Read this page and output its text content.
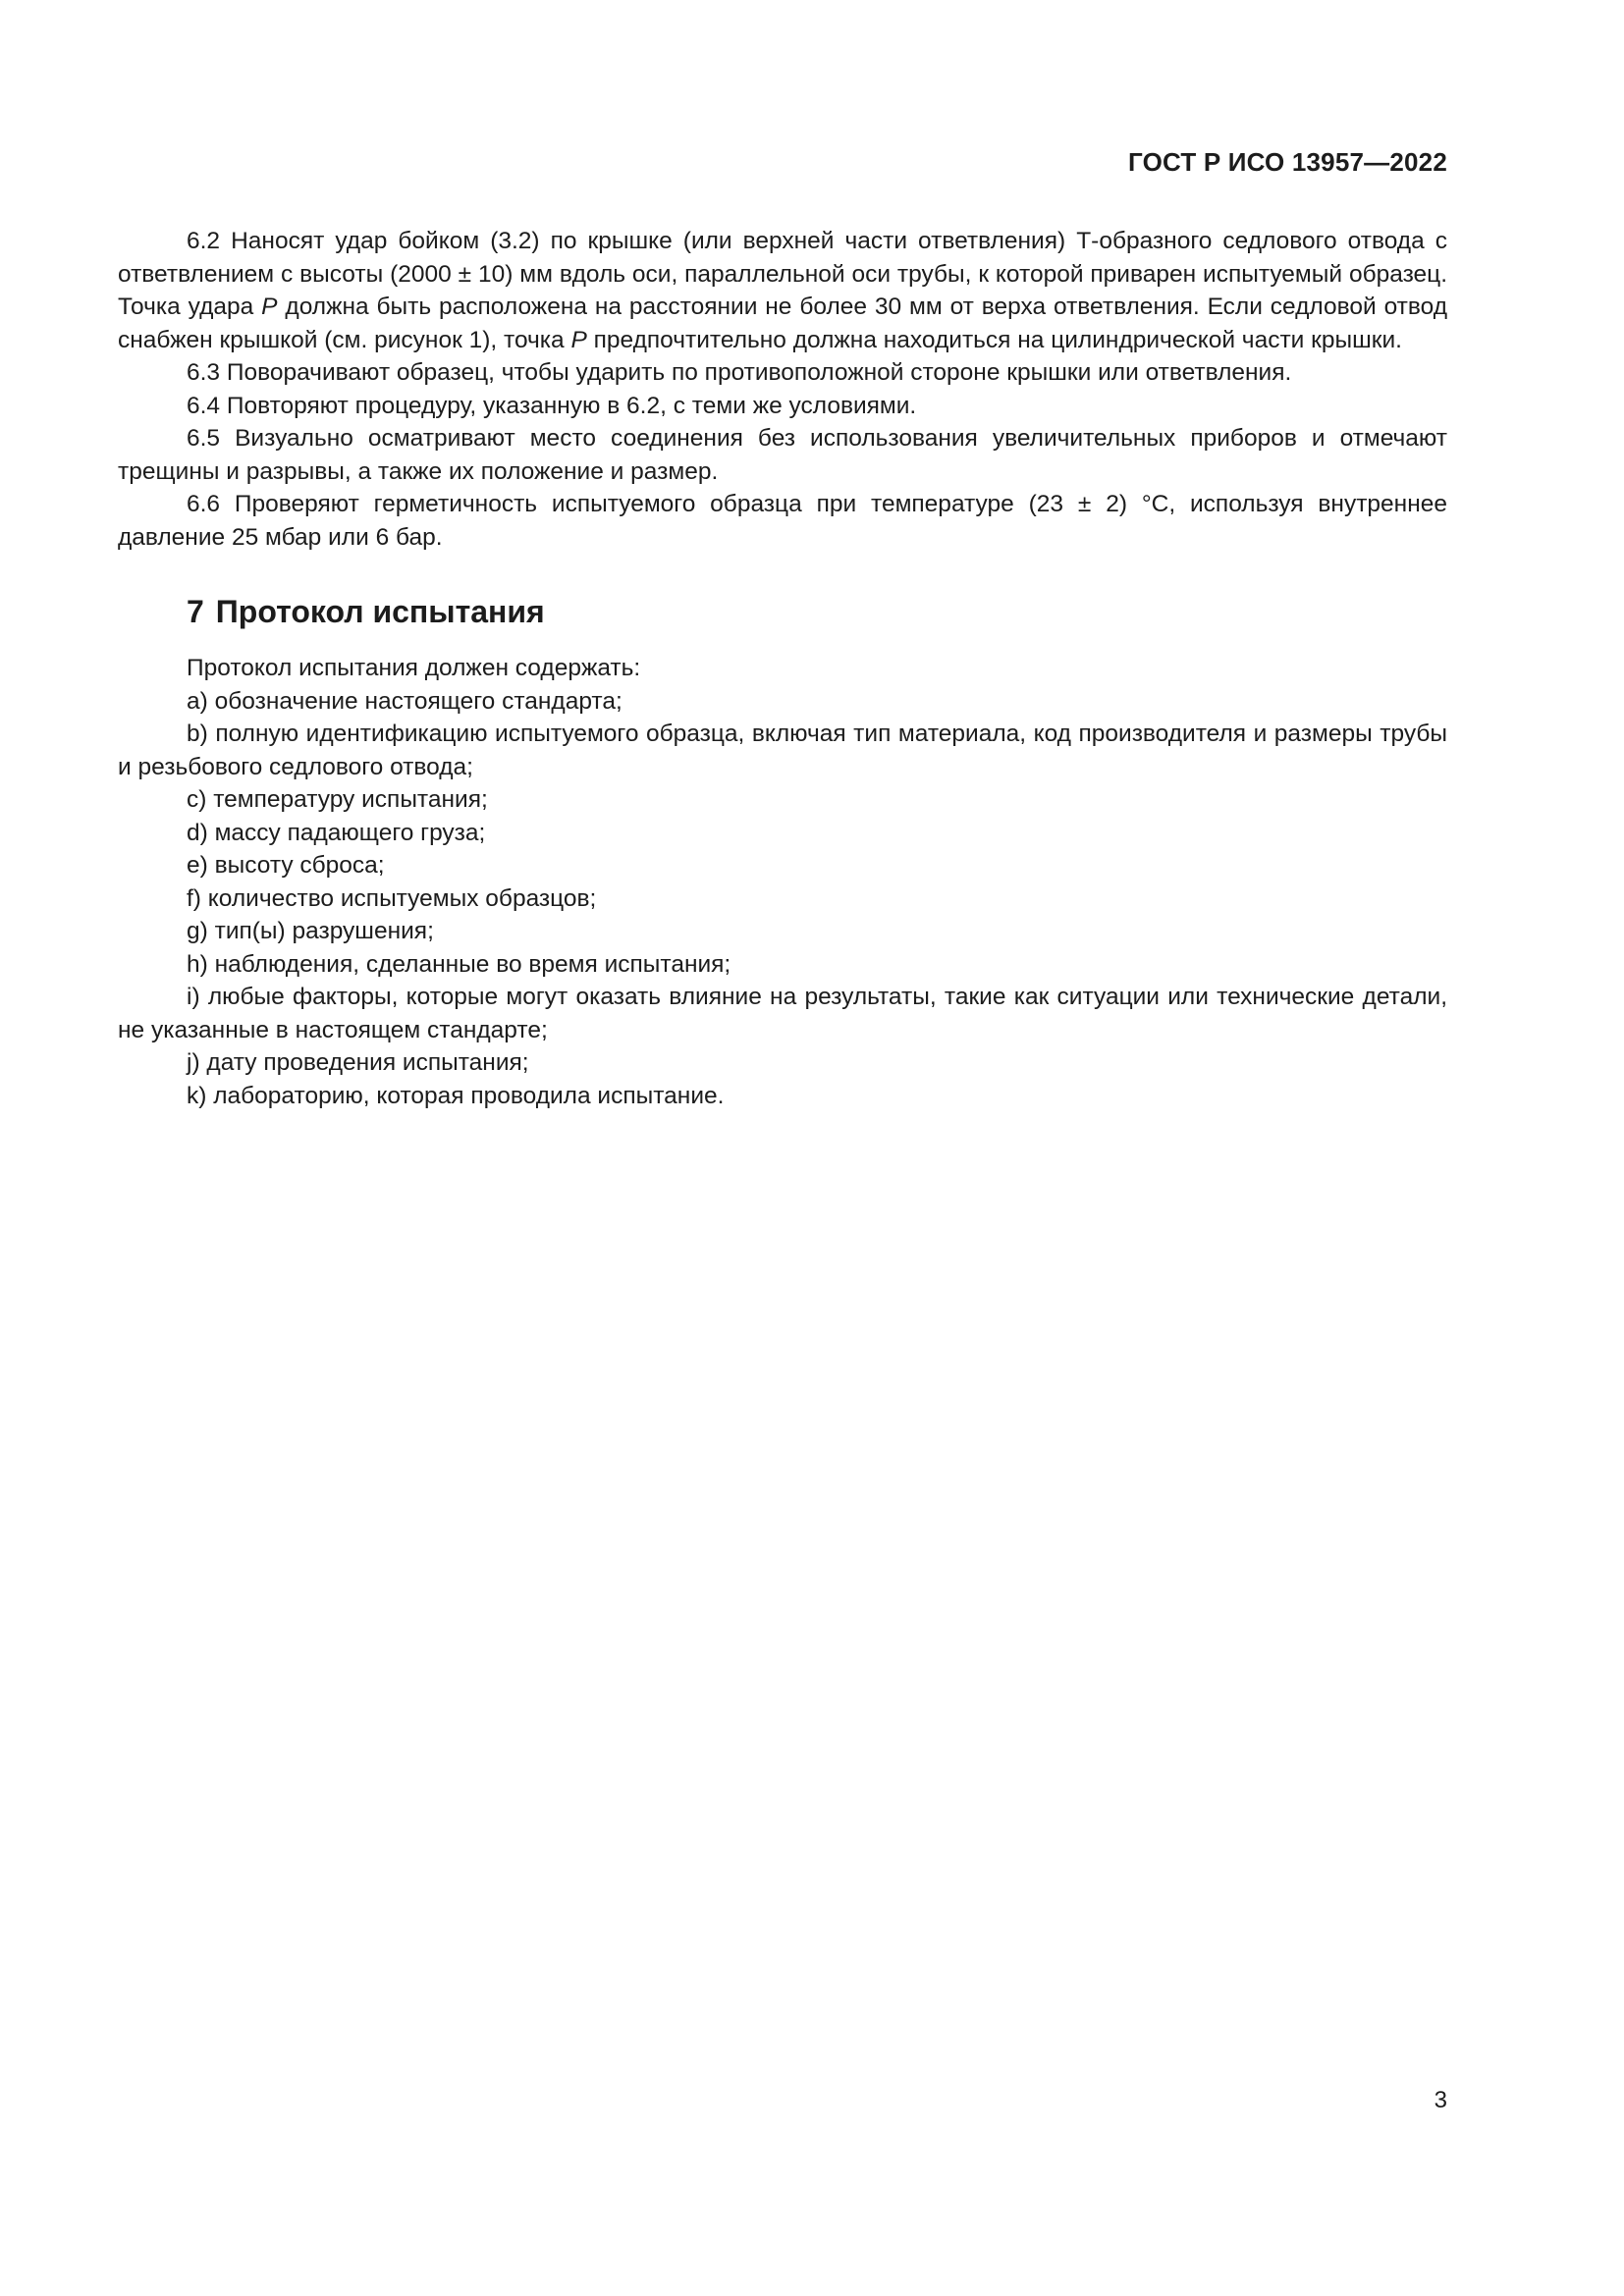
ГОСТ Р ИСО 13957—2022

6.2 Наносят удар бойком (3.2) по крышке (или верхней части ответвления) Т-образного седлового отвода с ответвлением с высоты (2000 ± 10) мм вдоль оси, параллельной оси трубы, к которой приварен испытуемый образец. Точка удара P должна быть расположена на расстоянии не более 30 мм от верха ответвления. Если седловой отвод снабжен крышкой (см. рисунок 1), точка P предпочтительно должна находиться на цилиндрической части крышки.

6.3 Поворачивают образец, чтобы ударить по противоположной стороне крышки или ответвления.

6.4 Повторяют процедуру, указанную в 6.2, с теми же условиями.

6.5 Визуально осматривают место соединения без использования увеличительных приборов и отмечают трещины и разрывы, а также их положение и размер.

6.6 Проверяют герметичность испытуемого образца при температуре (23 ± 2) °С, используя внутреннее давление 25 мбар или 6 бар.

7 Протокол испытания

Протокол испытания должен содержать:

a) обозначение настоящего стандарта;

b) полную идентификацию испытуемого образца, включая тип материала, код производителя и размеры трубы и резьбового седлового отвода;

c) температуру испытания;

d) массу падающего груза;

e) высоту сброса;

f) количество испытуемых образцов;

g) тип(ы) разрушения;

h) наблюдения, сделанные во время испытания;

i) любые факторы, которые могут оказать влияние на результаты, такие как ситуации или технические детали, не указанные в настоящем стандарте;

j) дату проведения испытания;

k) лабораторию, которая проводила испытание.

3
